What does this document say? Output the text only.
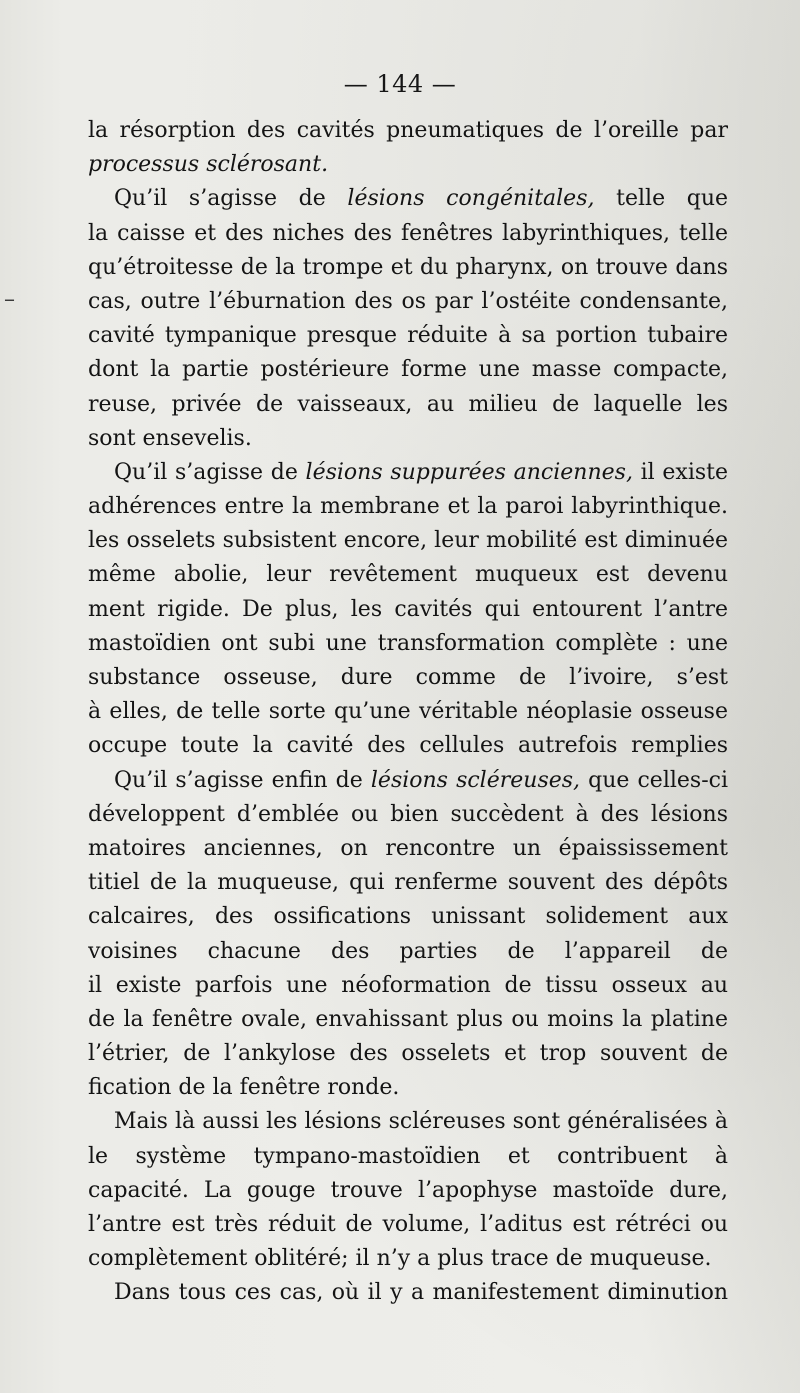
–
— 144 —
la résorption des cavités pneumatiques de l’oreille par
processus sclérosant.
Qu’il s’agisse de lésions congénitales, telle que
la caisse et des niches des fenêtres labyrinthiques, telle
qu’étroitesse de la trompe et du pharynx, on trouve dans
cas, outre l’éburnation des os par l’ostéite condensante,
cavité tympanique presque réduite à sa portion tubaire
dont la partie postérieure forme une masse compacte,
reuse, privée de vaisseaux, au milieu de laquelle les
sont ensevelis.
Qu’il s’agisse de lésions suppurées anciennes, il existe
adhérences entre la membrane et la paroi labyrinthique.
les osselets subsistent encore, leur mobilité est diminuée
même abolie, leur revêtement muqueux est devenu
ment rigide. De plus, les cavités qui entourent l’antre
mastoïdien ont subi une transformation complète : une
substance osseuse, dure comme de l’ivoire, s’est
à elles, de telle sorte qu’une véritable néoplasie osseuse
occupe toute la cavité des cellules autrefois remplies
Qu’il s’agisse enfin de lésions scléreuses, que celles-ci
développent d’emblée ou bien succèdent à des lésions
matoires anciennes, on rencontre un épaississement
titiel de la muqueuse, qui renferme souvent des dépôts
calcaires, des ossifications unissant solidement aux
voisines chacune des parties de l’appareil de
il existe parfois une néoformation de tissu osseux au
de la fenêtre ovale, envahissant plus ou moins la platine
l’étrier, de l’ankylose des osselets et trop souvent de
fication de la fenêtre ronde.
Mais là aussi les lésions scléreuses sont généralisées à
le système tympano-mastoïdien et contribuent à
capacité. La gouge trouve l’apophyse mastoïde dure,
l’antre est très réduit de volume, l’aditus est rétréci ou
complètement oblitéré; il n’y a plus trace de muqueuse.
Dans tous ces cas, où il y a manifestement diminution
